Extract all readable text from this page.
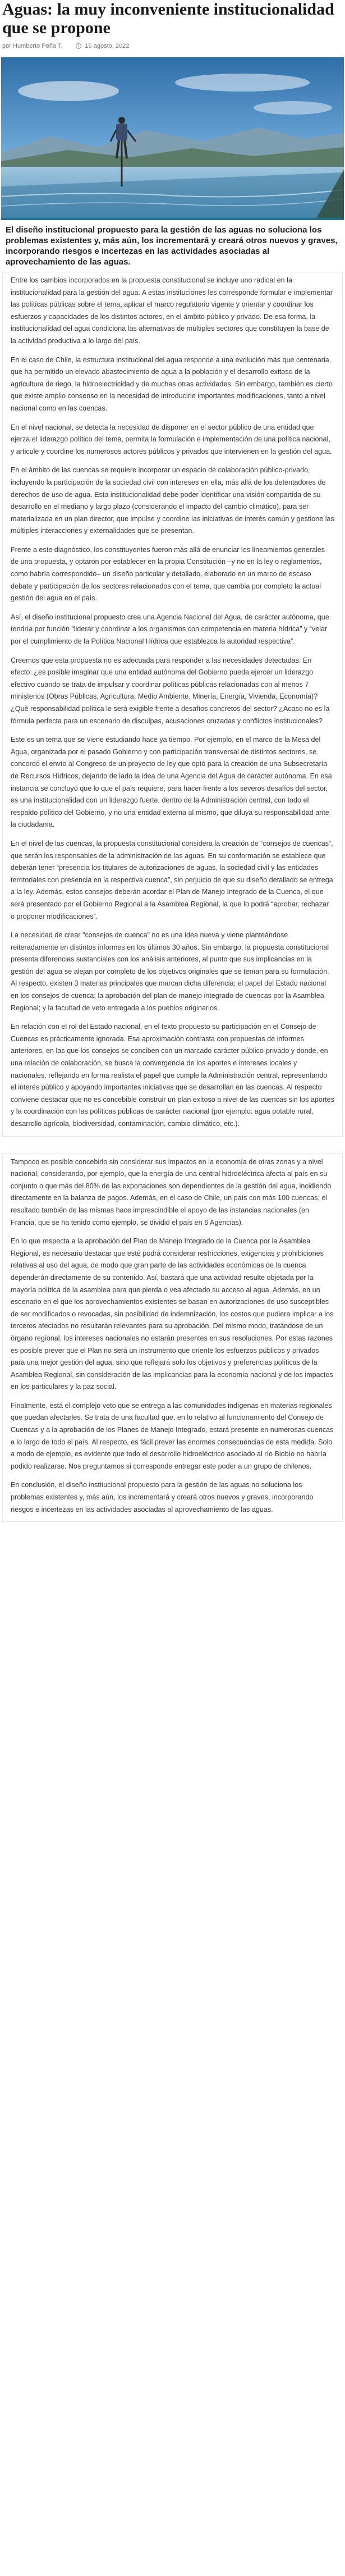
Aguas: la muy inconveniente institucionalidad que se propone
por Humberto Peña T.	15 agosto, 2022

El diseño institucional propuesto para la gestión de las aguas no soluciona los problemas existentes y, más aún, los incrementará y creará otros nuevos y graves, incorporando riesgos e incertezas en las actividades asociadas al aprovechamiento de las aguas.

Entre los cambios incorporados en la propuesta constitucional se incluye uno radical en la institucionalidad para la gestión del agua. A estas instituciones les corresponde formular e implementar las políticas públicas sobre el tema, aplicar el marco regulatorio vigente y orientar y coordinar los esfuerzos y capacidades de los distintos actores, en el ámbito público y privado. De esa forma, la institucionalidad del agua condiciona las alternativas de múltiples sectores que constituyen la base de la actividad productiva a lo largo del país.

En el caso de Chile, la estructura institucional del agua responde a una evolución más que centenaria, que ha permitido un elevado abastecimiento de agua a la población y el desarrollo exitoso de la agricultura de riego, la hidroelectricidad y de muchas otras actividades. Sin embargo, también es cierto que existe amplio consenso en la necesidad de introducirle importantes modificaciones, tanto a nivel nacional como en las cuencas.

En el nivel nacional, se detecta la necesidad de disponer en el sector público de una entidad que ejerza el liderazgo político del tema, permita la formulación e implementación de una política nacional, y articule y coordine los numerosos actores públicos y privados que intervienen en la gestión del agua.

En el ámbito de las cuencas se requiere incorporar un espacio de colaboración público-privado, incluyendo la participación de la sociedad civil con intereses en ella, más allá de los detentadores de derechos de uso de agua. Esta institucionalidad debe poder identificar una visión compartida de su desarrollo en el mediano y largo plazo (considerando el impacto del cambio climático), para ser materializada en un plan director, que impulse y coordine las iniciativas de interés común y gestione las múltiples interacciones y externalidades que se presentan.

Frente a este diagnóstico, los constituyentes fueron más allá de enunciar los lineamientos generales de una propuesta, y optaron por establecer en la propia Constitución –y no en la ley o reglamentos, como habría correspondido– un diseño particular y detallado, elaborado en un marco de escaso debate y participación de los sectores relacionados con el tema, que cambia por completo la actual gestión del agua en el país.

Así, el diseño institucional propuesto crea una Agencia Nacional del Agua, de carácter autónoma, que tendría por función “liderar y coordinar a los organismos con competencia en materia hídrica” y “velar por el cumplimiento de la Política Nacional Hídrica que establezca la autoridad respectiva”.

Creemos que esta propuesta no es adecuada para responder a las necesidades detectadas. En efecto: ¿es posible imaginar que una entidad autónoma del Gobierno pueda ejercer un liderazgo efectivo cuando se trata de impulsar y coordinar políticas públicas relacionadas con al menos 7 ministerios (Obras Públicas, Agricultura, Medio Ambiente, Minería, Energía, Vivienda, Economía)? ¿Qué responsabilidad política le será exigible frente a desafíos concretos del sector? ¿Acaso no es la fórmula perfecta para un escenario de disculpas, acusaciones cruzadas y conflictos institucionales?

Este es un tema que se viene estudiando hace ya tiempo. Por ejemplo, en el marco de la Mesa del Agua, organizada por el pasado Gobierno y con participación transversal de distintos sectores, se concordó el envío al Congreso de un proyecto de ley que optó para la creación de una Subsecretaría de Recursos Hídricos, dejando de lado la idea de una Agencia del Agua de carácter autónoma. En esa instancia se concluyó que lo que el país requiere, para hacer frente a los severos desafíos del sector, es una institucionalidad con un liderazgo fuerte, dentro de la Administración central, con todo el respaldo político del Gobierno, y no una entidad externa al mismo, que diluya su responsabilidad ante la ciudadanía.

En el nivel de las cuencas, la propuesta constitucional considera la creación de “consejos de cuencas”, que serán los responsables de la administración de las aguas. En su conformación se establece que deberán tener “presencia los titulares de autorizaciones de aguas, la sociedad civil y las entidades territoriales con presencia en la respectiva cuenca”, sin perjuicio de que su diseño detallado se entrega a la ley. Además, estos consejos deberán acordar el Plan de Manejo Integrado de la Cuenca, el que será presentado por el Gobierno Regional a la Asamblea Regional, la que lo podrá “aprobar, rechazar o proponer modificaciones”.

La necesidad de crear “consejos de cuenca” no es una idea nueva y viene planteándose reiteradamente en distintos informes en los últimos 30 años. Sin embargo, la propuesta constitucional presenta diferencias sustanciales con los análisis anteriores, al punto que sus implicancias en la gestión del agua se alejan por completo de los objetivos originales que se tenían para su formulación. Al respecto, existen 3 materias principales que marcan dicha diferencia: el papel del Estado nacional en los consejos de cuenca; la aprobación del plan de manejo integrado de cuencas por la Asamblea Regional; y la facultad de veto entregada a los pueblos originarios.

En relación con el rol del Estado nacional, en el texto propuesto su participación en el Consejo de Cuencas es prácticamente ignorada. Esa aproximación contrasta con propuestas de informes anteriores, en las que los consejos se conciben con un marcado carácter público-privado y donde, en una relación de colaboración, se busca la convergencia de los aportes e intereses locales y nacionales, reflejando en forma realista el papel que cumple la Administración central, representando el interés público y apoyando importantes iniciativas que se desarrollan en las cuencas. Al respecto conviene destacar que no es concebible construir un plan exitoso a nivel de las cuencas sin los aportes y la coordinación con las políticas públicas de carácter nacional (por ejemplo: agua potable rural, desarrollo agrícola, biodiversidad, contaminación, cambio climático, etc.).

Tampoco es posible concebirlo sin considerar sus impactos en la economía de otras zonas y a nivel nacional, considerando, por ejemplo, que la energía de una central hidroeléctrica afecta al país en su conjunto o que más del 80% de las exportaciones son dependientes de la gestión del agua, incidiendo directamente en la balanza de pagos. Además, en el caso de Chile, un país con más 100 cuencas, el resultado también de las mismas hace imprescindible el apoyo de las instancias nacionales (en Francia, que se ha tenido como ejemplo, se dividió el país en 6 Agencias).

En lo que respecta a la aprobación del Plan de Manejo Integrado de la Cuenca por la Asamblea Regional, es necesario destacar que esté podrá considerar restricciones, exigencias y prohibiciones relativas al uso del agua, de modo que gran parte de las actividades económicas de la cuenca dependerán directamente de su contenido. Así, bastará que una actividad resulte objetada por la mayoría política de la asamblea para que pierda o vea afectado su acceso al agua. Además, en un escenario en el que los aprovechamientos existentes se basan en autorizaciones de uso susceptibles de ser modificados o revocadas, sin posibilidad de indemnización, los costos que pudiera implicar a los terceros afectados no resultarán relevantes para su aprobación. Del mismo modo, tratándose de un órgano regional, los intereses nacionales no estarán presentes en sus resoluciones. Por estas razones es posible prever que el Plan no será un instrumento que oriente los esfuerzos públicos y privados para una mejor gestión del agua, sino que reflejará solo los objetivos y preferencias políticas de la Asamblea Regional, sin consideración de las implicancias para la economía nacional y de los impactos en los particulares y la paz social.

Finalmente, está el complejo veto que se entrega a las comunidades indígenas en materias regionales que puedan afectarles. Se trata de una facultad que, en lo relativo al funcionamiento del Consejo de Cuencas y a la aprobación de los Planes de Manejo Integrado, estará presente en numerosas cuencas a lo largo de todo el país. Al respecto, es fácil prever las enormes consecuencias de esta medida. Solo a modo de ejemplo, es evidente que todo el desarrollo hidroeléctrico asociado al río Biobío no habría podido realizarse. Nos preguntamos si corresponde entregar este poder a un grupo de chilenos.

En conclusión, el diseño institucional propuesto para la gestión de las aguas no soluciona los problemas existentes y, más aún, los incrementará y creará otros nuevos y graves, incorporando riesgos e incertezas en las actividades asociadas al aprovechamiento de las aguas.
